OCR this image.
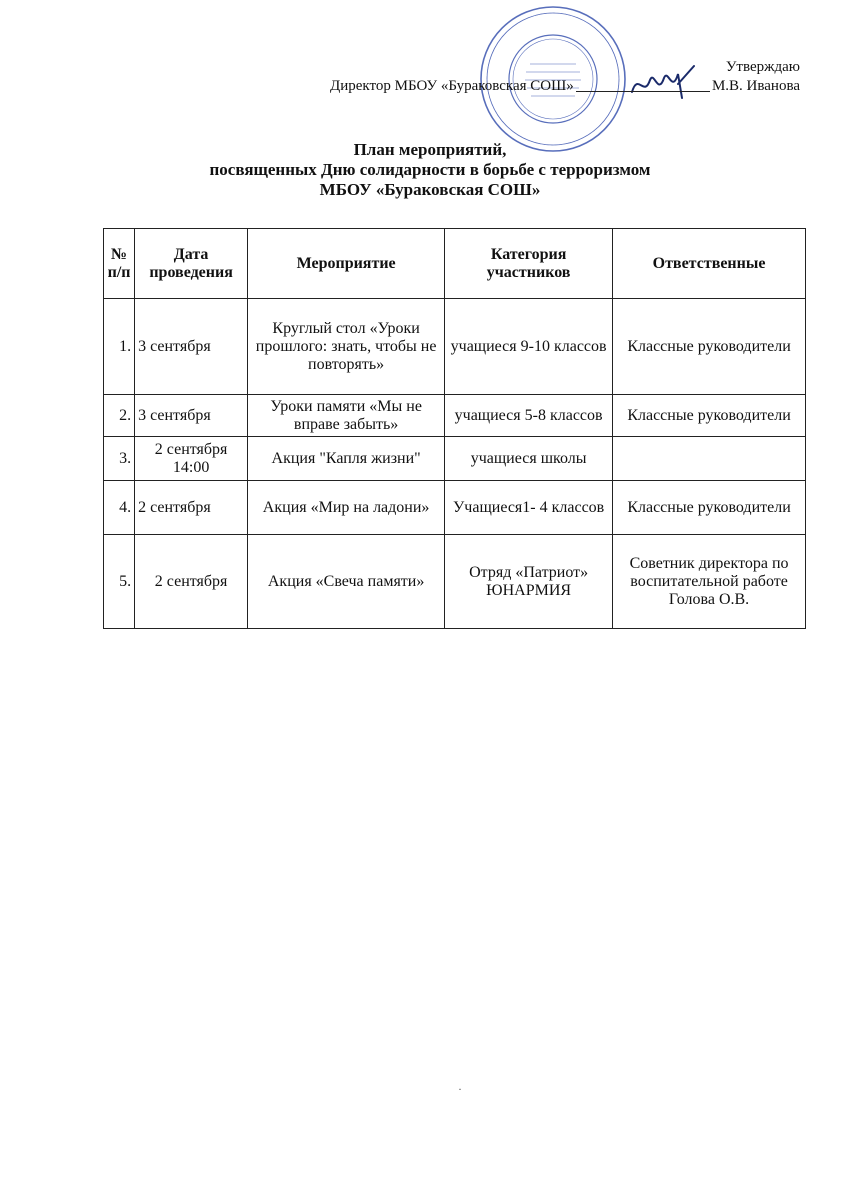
Утверждаю
Директор МБОУ «Бураковская СОШ»	М.В. Иванова
План мероприятий,
посвященных Дню солидарности в борьбе с терроризмом
МБОУ «Бураковская СОШ»
№ п/п	Дата проведения	Мероприятие	Категория участников	Ответственные
1.	3 сентября	Круглый стол «Уроки прошлого: знать, чтобы не повторять»	учащиеся 9-10 классов	Классные руководители
2.	3 сентября	Уроки памяти «Мы не вправе забыть»	учащиеся 5-8 классов	Классные руководители
3.	2 сентября 14:00	Акция "Капля жизни"	учащиеся школы	
4.	2 сентября	Акция «Мир на ладони»	Учащиеся1- 4 классов	Классные руководители
5.	2 сентября	Акция «Свеча памяти»	Отряд «Патриот» ЮНАРМИЯ	Советник директора по воспитательной работе Голова О.В.
·
